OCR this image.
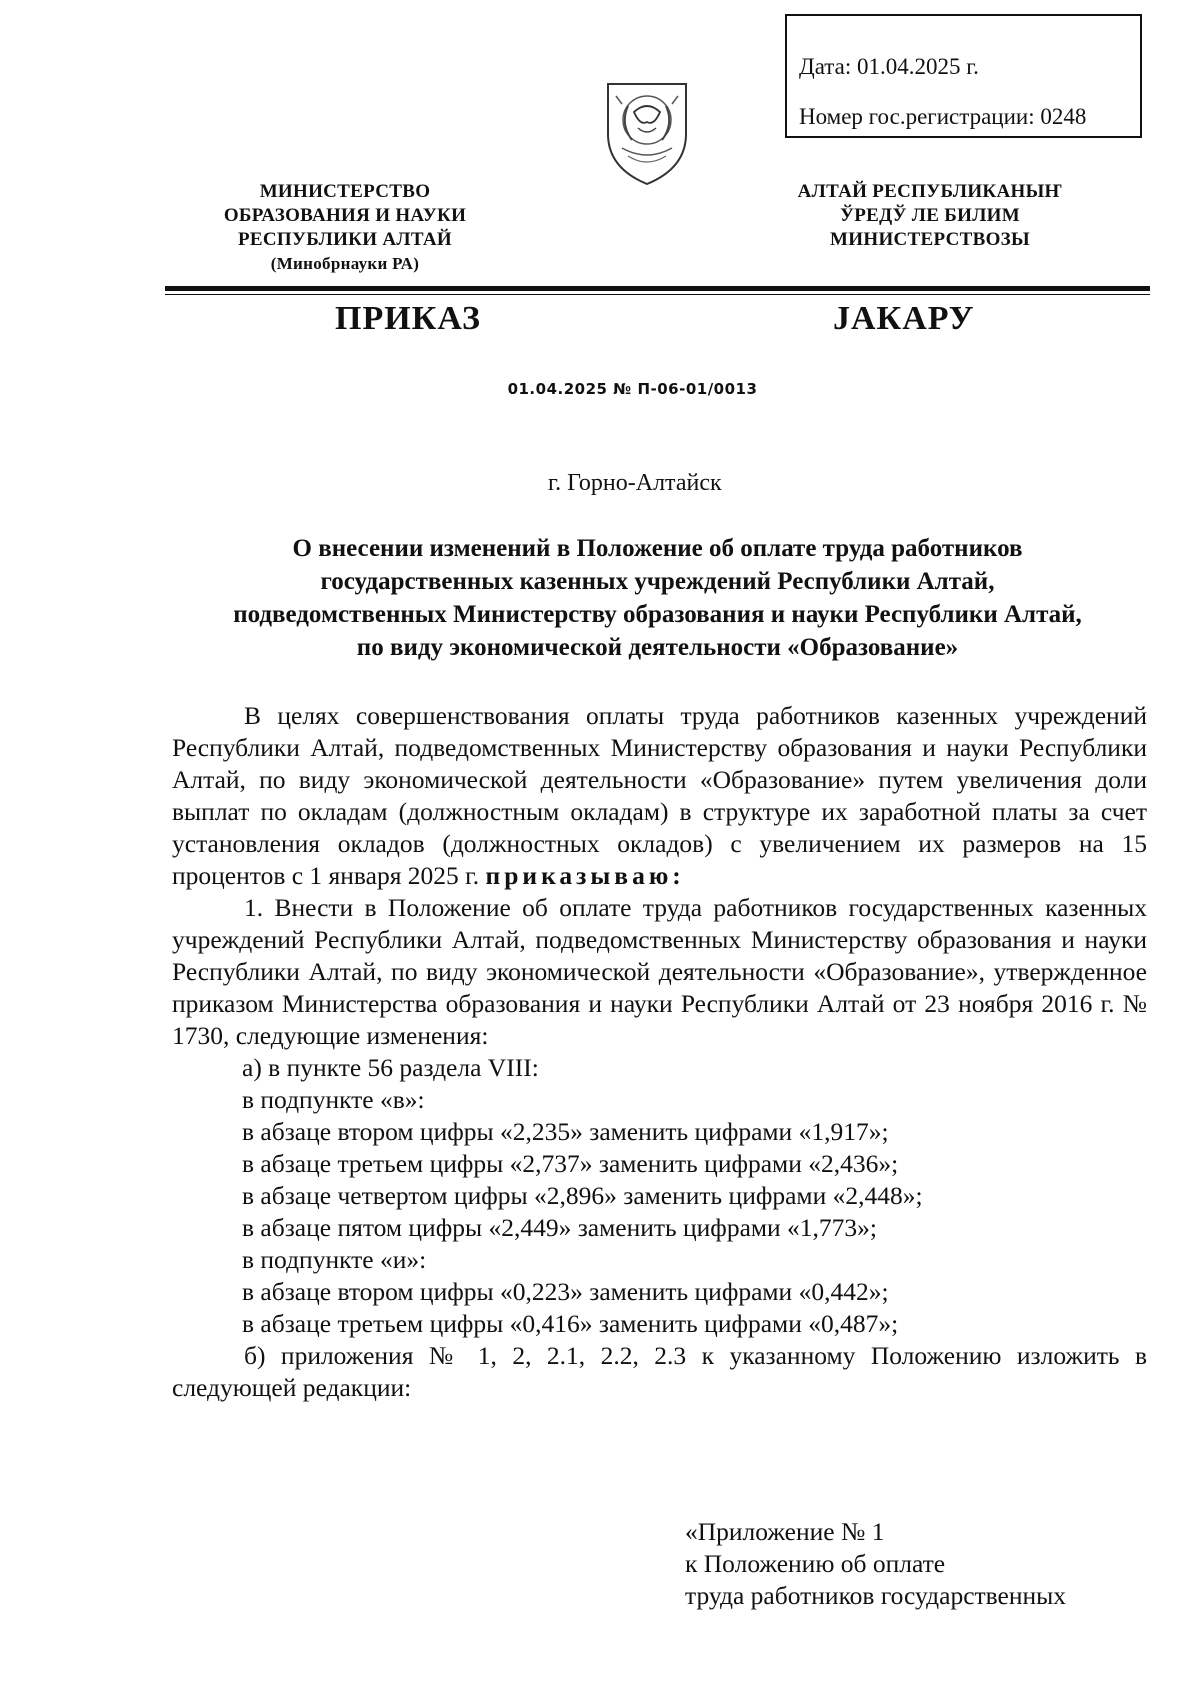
Дата: 01.04.2025 г.
Номер гос.регистрации: 0248
МИНИСТЕРСТВО
ОБРАЗОВАНИЯ И НАУКИ
РЕСПУБЛИКИ АЛТАЙ
(Минобрнауки РА)
АЛТАЙ РЕСПУБЛИКАНЫҤ
ЎРЕДЎ ЛЕ БИЛИМ
МИНИСТЕРСТВОЗЫ
ПРИКАЗ	ЈАКАРУ
01.04.2025 № П-06-01/0013
г. Горно-Алтайск
О внесении изменений в Положение об оплате труда работников
государственных казенных учреждений Республики Алтай,
подведомственных Министерству образования и науки Республики Алтай,
по виду экономической деятельности «Образование»

В целях совершенствования оплаты труда работников казенных учреждений Республики Алтай, подведомственных Министерству образования и науки Республики Алтай, по виду экономической деятельности «Образование» путем увеличения доли выплат по окладам (должностным окладам) в структуре их заработной платы за счет установления окладов (должностных окладов) с увеличением их размеров на 15 процентов с 1 января 2025 г. приказываю:

1. Внести в Положение об оплате труда работников государственных казенных учреждений Республики Алтай, подведомственных Министерству образования и науки Республики Алтай, по виду экономической деятельности «Образование», утвержденное приказом Министерства образования и науки Республики Алтай от 23 ноября 2016 г. № 1730, следующие изменения:

а) в пункте 56 раздела VIII:

в подпункте «в»:

в абзаце втором цифры «2,235» заменить цифрами «1,917»;

в абзаце третьем цифры «2,737» заменить цифрами «2,436»;

в абзаце четвертом цифры «2,896» заменить цифрами «2,448»;

в абзаце пятом цифры «2,449» заменить цифрами «1,773»;

в подпункте «и»:

в абзаце втором цифры «0,223» заменить цифрами «0,442»;

в абзаце третьем цифры «0,416» заменить цифрами «0,487»;

б) приложения № 1, 2, 2.1, 2.2, 2.3 к указанному Положению изложить в следующей редакции:

«Приложение № 1
к Положению об оплате
труда работников государственных
